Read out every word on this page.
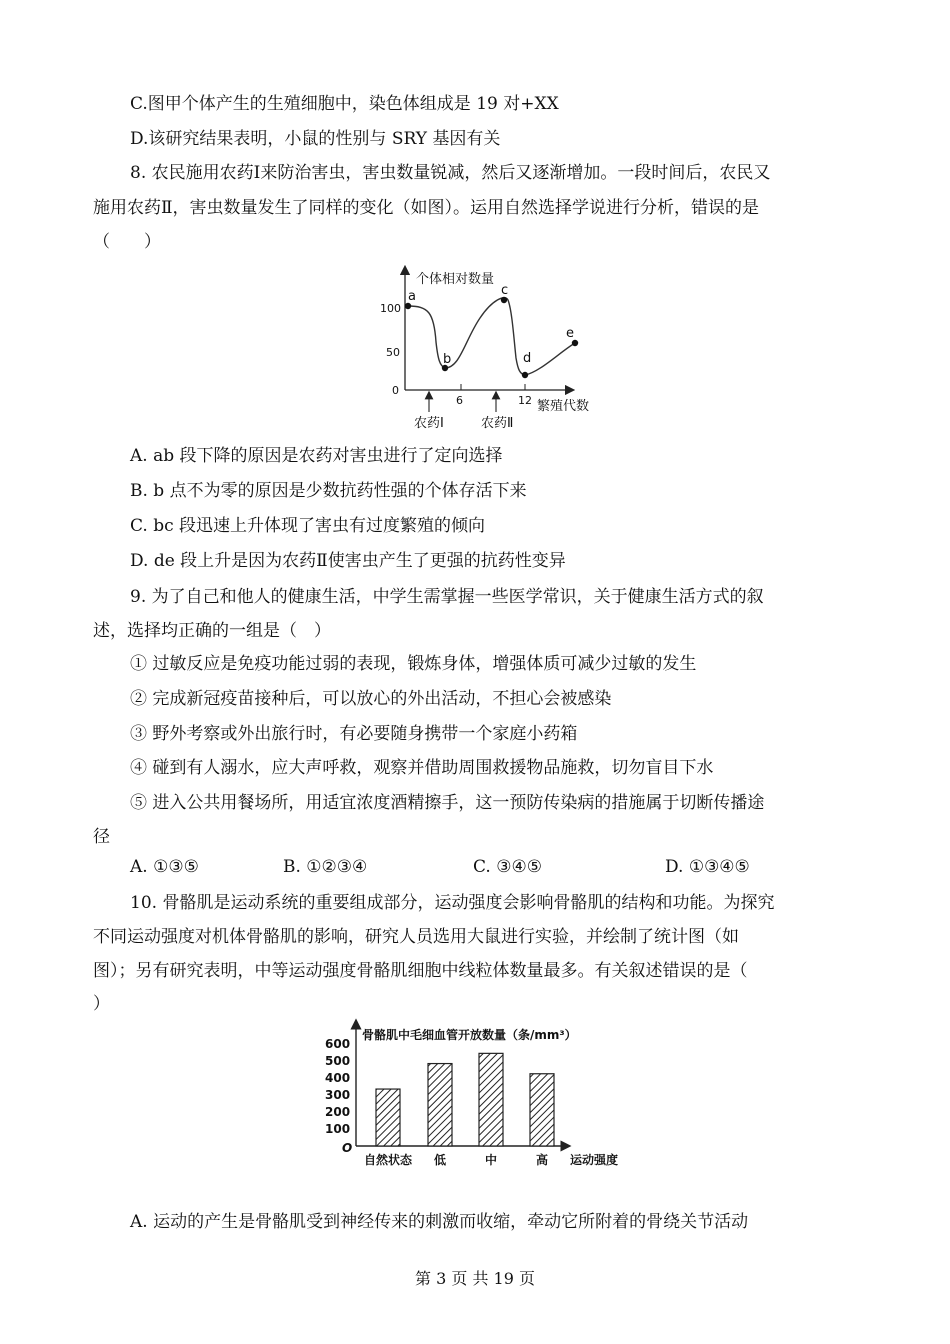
C.图甲个体产生的生殖细胞中，染色体组成是 19 对+XX
D.该研究结果表明，小鼠的性别与 SRY 基因有关
8. 农民施用农药Ⅰ来防治害虫，害虫数量锐减，然后又逐渐增加。一段时间后，农民又
施用农药Ⅱ，害虫数量发生了同样的变化（如图）。运用自然选择学说进行分析，错误的是
（　　）
个体相对数量
繁殖代数
100
50
0
6	12
a
b
c
d
e
农药Ⅰ	农药Ⅱ
A. ab 段下降的原因是农药对害虫进行了定向选择
B. b 点不为零的原因是少数抗药性强的个体存活下来
C. bc 段迅速上升体现了害虫有过度繁殖的倾向
D. de 段上升是因为农药Ⅱ使害虫产生了更强的抗药性变异
9. 为了自己和他人的健康生活，中学生需掌握一些医学常识，关于健康生活方式的叙
述，选择均正确的一组是（　）
① 过敏反应是免疫功能过弱的表现，锻炼身体，增强体质可减少过敏的发生
② 完成新冠疫苗接种后，可以放心的外出活动，不担心会被感染
③ 野外考察或外出旅行时，有必要随身携带一个家庭小药箱
④ 碰到有人溺水，应大声呼救，观察并借助周围救援物品施救，切勿盲目下水
⑤ 进入公共用餐场所，用适宜浓度酒精擦手，这一预防传染病的措施属于切断传播途
径
A. ①③⑤	B. ①②③④	C. ③④⑤	D. ①③④⑤
10. 骨骼肌是运动系统的重要组成部分，运动强度会影响骨骼肌的结构和功能。为探究
不同运动强度对机体骨骼肌的影响，研究人员选用大鼠进行实验，并绘制了统计图（如
图）；另有研究表明，中等运动强度骨骼肌细胞中线粒体数量最多。有关叙述错误的是（
）
骨骼肌中毛细血管开放数量（条/mm³）
600
500
400
300
200
100
O
自然状态 低	中	高 运动强度
A. 运动的产生是骨骼肌受到神经传来的刺激而收缩，牵动它所附着的骨绕关节活动
第 3 页 共 19 页
